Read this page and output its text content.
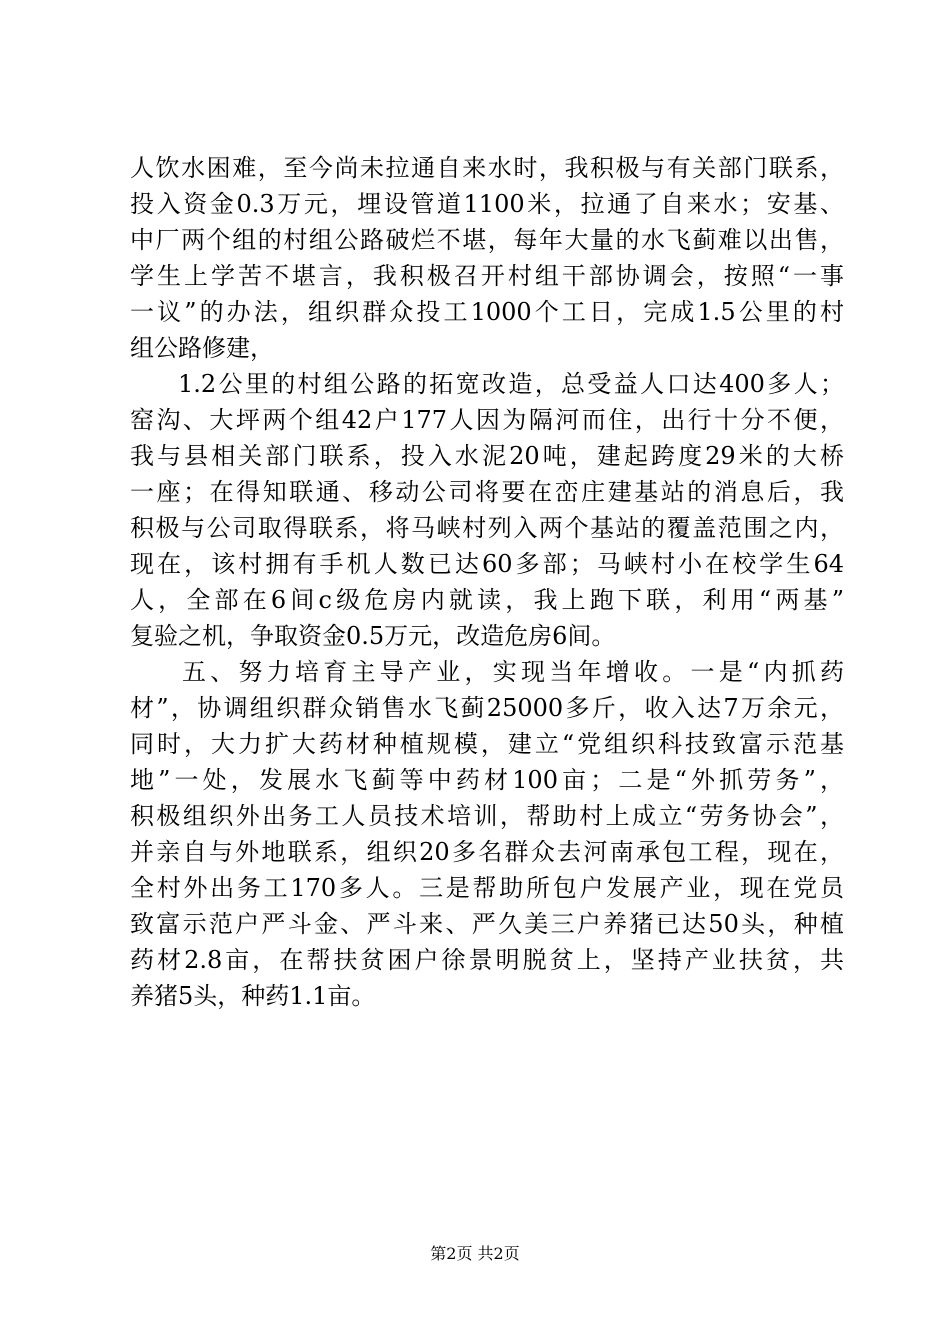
人饮水困难，至今尚未拉通自来水时，我积极与有关部门联系，
投入资金0.3万元，埋设管道1100米，拉通了自来水；安基、
中厂两个组的村组公路破烂不堪，每年大量的水飞蓟难以出售，
学生上学苦不堪言，我积极召开村组干部协调会，按照“一事
一议”的办法，组织群众投工1000个工日，完成1.5公里的村
组公路修建，
1.2公里的村组公路的拓宽改造，总受益人口达400多人；
窑沟、大坪两个组42户177人因为隔河而住，出行十分不便，
我与县相关部门联系，投入水泥20吨，建起跨度29米的大桥
一座；在得知联通、移动公司将要在峦庄建基站的消息后，我
积极与公司取得联系，将马峡村列入两个基站的覆盖范围之内，
现在，该村拥有手机人数已达60多部；马峡村小在校学生64
人，全部在6间c级危房内就读，我上跑下联，利用“两基”
复验之机，争取资金0.5万元，改造危房6间。
五、努力培育主导产业，实现当年增收。一是“内抓药
材”，协调组织群众销售水飞蓟25000多斤，收入达7万余元，
同时，大力扩大药材种植规模，建立“党组织科技致富示范基
地”一处，发展水飞蓟等中药材100亩；二是“外抓劳务”，
积极组织外出务工人员技术培训，帮助村上成立“劳务协会”，
并亲自与外地联系，组织20多名群众去河南承包工程，现在，
全村外出务工170多人。三是帮助所包户发展产业，现在党员
致富示范户严斗金、严斗来、严久美三户养猪已达50头，种植
药材2.8亩，在帮扶贫困户徐景明脱贫上，坚持产业扶贫，共
养猪5头，种药1.1亩。
第2页 共2页
